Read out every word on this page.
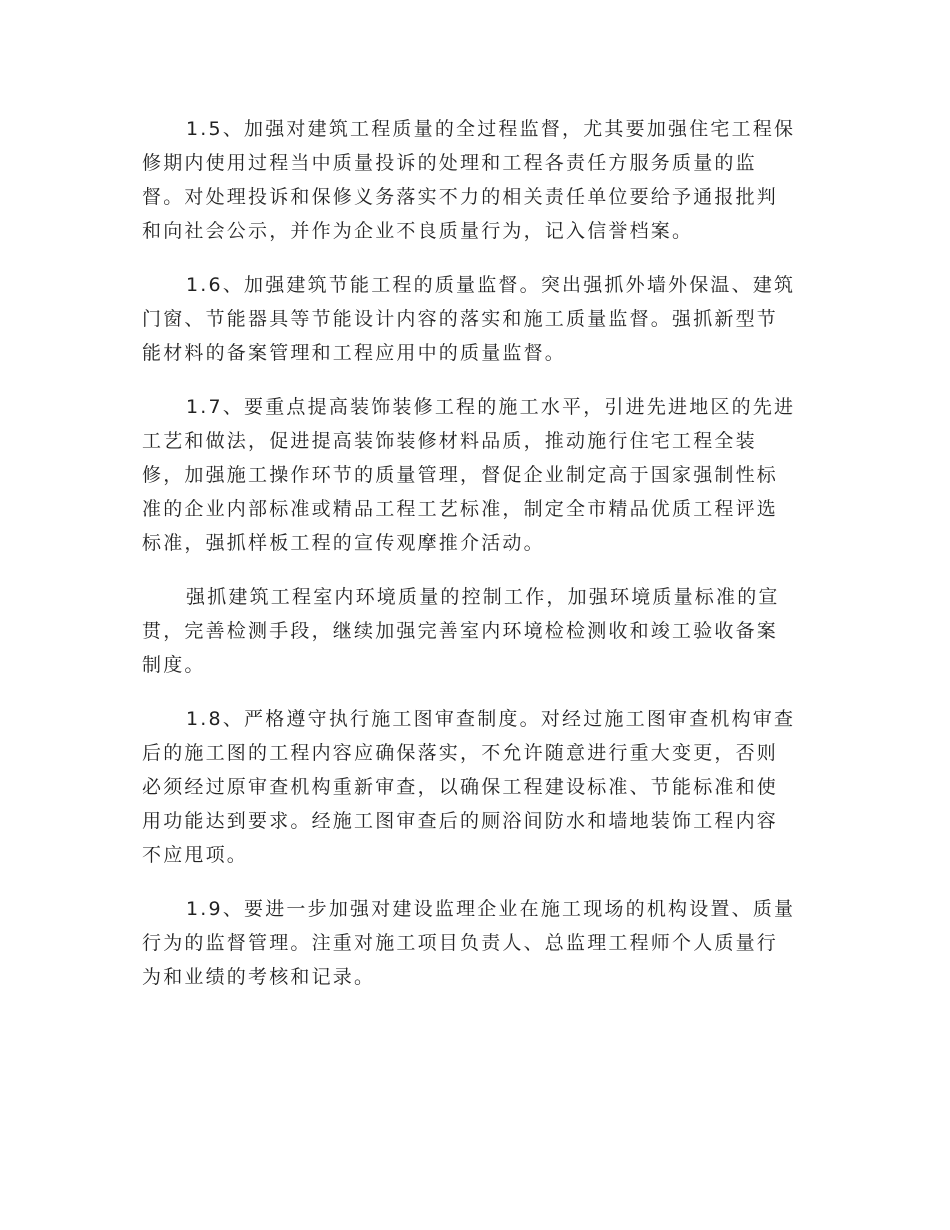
1.5、加强对建筑工程质量的全过程监督，尤其要加强住宅工程保
修期内使用过程当中质量投诉的处理和工程各责任方服务质量的监
督。对处理投诉和保修义务落实不力的相关责任单位要给予通报批判
和向社会公示，并作为企业不良质量行为，记入信誉档案。

1.6、加强建筑节能工程的质量监督。突出强抓外墙外保温、建筑
门窗、节能器具等节能设计内容的落实和施工质量监督。强抓新型节
能材料的备案管理和工程应用中的质量监督。

1.7、要重点提高装饰装修工程的施工水平，引进先进地区的先进
工艺和做法，促进提高装饰装修材料品质，推动施行住宅工程全装
修，加强施工操作环节的质量管理，督促企业制定高于国家强制性标
准的企业内部标准或精品工程工艺标准，制定全市精品优质工程评选
标准，强抓样板工程的宣传观摩推介活动。

强抓建筑工程室内环境质量的控制工作，加强环境质量标准的宣
贯，完善检测手段，继续加强完善室内环境检检测收和竣工验收备案
制度。

1.8、严格遵守执行施工图审查制度。对经过施工图审查机构审查
后的施工图的工程内容应确保落实，不允许随意进行重大变更，否则
必须经过原审查机构重新审查，以确保工程建设标准、节能标准和使
用功能达到要求。经施工图审查后的厕浴间防水和墙地装饰工程内容
不应甩项。

1.9、要进一步加强对建设监理企业在施工现场的机构设置、质量
行为的监督管理。注重对施工项目负责人、总监理工程师个人质量行
为和业绩的考核和记录。
